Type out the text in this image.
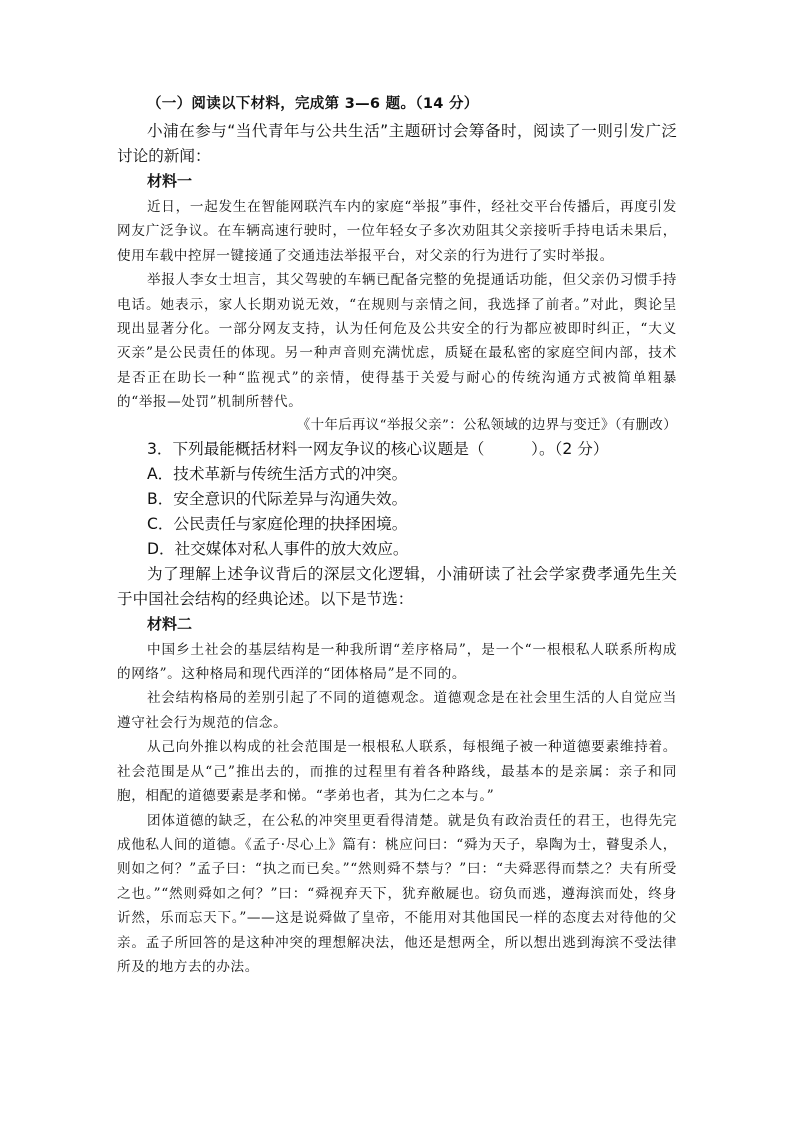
（一）阅读以下材料，完成第 3—6 题。（14 分）

小浦在参与“当代青年与公共生活”主题研讨会筹备时，阅读了一则引发广泛讨论的新闻：

材料一

近日，一起发生在智能网联汽车内的家庭“举报”事件，经社交平台传播后，再度引发网友广泛争议。在车辆高速行驶时，一位年轻女子多次劝阻其父亲接听手持电话未果后，使用车载中控屏一键接通了交通违法举报平台，对父亲的行为进行了实时举报。

举报人李女士坦言，其父驾驶的车辆已配备完整的免提通话功能，但父亲仍习惯手持电话。她表示，家人长期劝说无效，“在规则与亲情之间，我选择了前者。”对此，舆论呈现出显著分化。一部分网友支持，认为任何危及公共安全的行为都应被即时纠正，“大义灭亲”是公民责任的体现。另一种声音则充满忧虑，质疑在最私密的家庭空间内部，技术是否正在助长一种“监视式”的亲情，使得基于关爱与耐心的传统沟通方式被简单粗暴的“举报—处罚”机制所替代。

《十年后再议“举报父亲”：公私领域的边界与变迁》（有删改）

3．下列最能概括材料一网友争议的核心议题是（　　　）。（2 分）

A．技术革新与传统生活方式的冲突。

B．安全意识的代际差异与沟通失效。

C．公民责任与家庭伦理的抉择困境。

D．社交媒体对私人事件的放大效应。

为了理解上述争议背后的深层文化逻辑，小浦研读了社会学家费孝通先生关于中国社会结构的经典论述。以下是节选：

材料二

中国乡土社会的基层结构是一种我所谓“差序格局”，是一个“一根根私人联系所构成的网络”。这种格局和现代西洋的“团体格局”是不同的。

社会结构格局的差别引起了不同的道德观念。道德观念是在社会里生活的人自觉应当遵守社会行为规范的信念。

从己向外推以构成的社会范围是一根根私人联系，每根绳子被一种道德要素维持着。社会范围是从“己”推出去的，而推的过程里有着各种路线，最基本的是亲属：亲子和同胞，相配的道德要素是孝和悌。“孝弟也者，其为仁之本与。”

团体道德的缺乏，在公私的冲突里更看得清楚。就是负有政治责任的君王，也得先完成他私人间的道德。《孟子·尽心上》篇有：桃应问曰：“舜为天子，皋陶为士，瞽叟杀人，则如之何？”孟子曰：“执之而已矣。”“然则舜不禁与？”曰：“夫舜恶得而禁之？夫有所受之也。”“然则舜如之何？”曰：“舜视弃天下，犹弃敝屣也。窃负而逃，遵海滨而处，终身䜣然，乐而忘天下。”——这是说舜做了皇帝，不能用对其他国民一样的态度去对待他的父亲。孟子所回答的是这种冲突的理想解决法，他还是想两全，所以想出逃到海滨不受法律所及的地方去的办法。
